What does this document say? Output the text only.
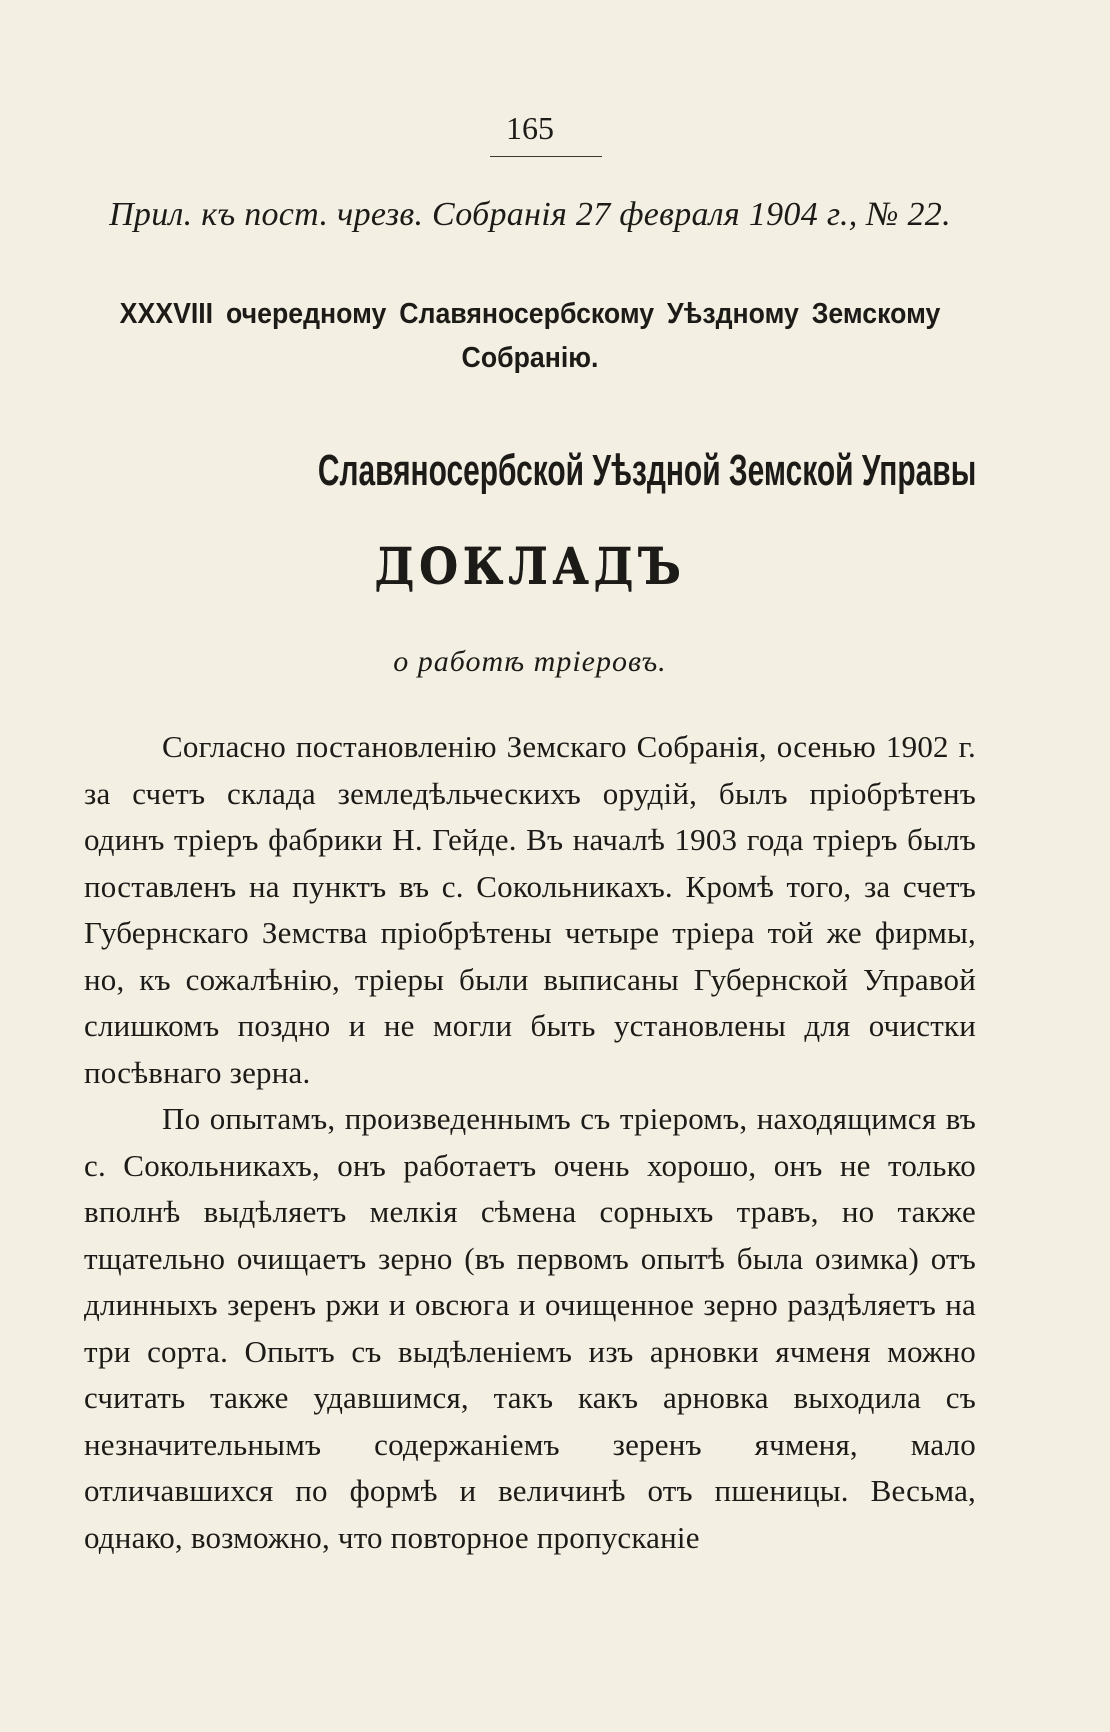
165
Прил. къ пост. чрезв. Собранія 27 февраля 1904 г., № 22.
XXXVIII очередному Славяносербскому Уѣздному Земскому
Собранію.
Славяносербской Уѣздной Земской Управы
ДОКЛАДЪ
о работѣ тріеровъ.

Согласно постановленію Земскаго Собранія, осенью 1902 г. за счетъ склада земледѣльческихъ орудій, былъ пріобрѣтенъ одинъ тріеръ фабрики Н. Гейде. Въ началѣ 1903 года тріеръ былъ поставленъ на пунктъ въ с. Сокольникахъ. Кромѣ того, за счетъ Губернскаго Земства пріобрѣтены четыре тріера той же фирмы, но, къ сожалѣнію, тріеры были выписаны Губернской Управой слишкомъ поздно и не могли быть установлены для очистки посѣвнаго зерна.

По опытамъ, произведеннымъ съ тріеромъ, находящимся въ с. Сокольникахъ, онъ работаетъ очень хорошо, онъ не только вполнѣ выдѣляетъ мелкія сѣмена сорныхъ травъ, но также тщательно очищаетъ зерно (въ первомъ опытѣ была озимка) отъ длинныхъ зеренъ ржи и овсюга и очищенное зерно раздѣляетъ на три сорта. Опытъ съ выдѣленіемъ изъ арновки ячменя можно считать также удавшимся, такъ какъ арновка выходила съ незначительнымъ содержаніемъ зеренъ ячменя, мало отличавшихся по формѣ и величинѣ отъ пшеницы. Весьма, однако, возможно, что повторное пропусканіе
